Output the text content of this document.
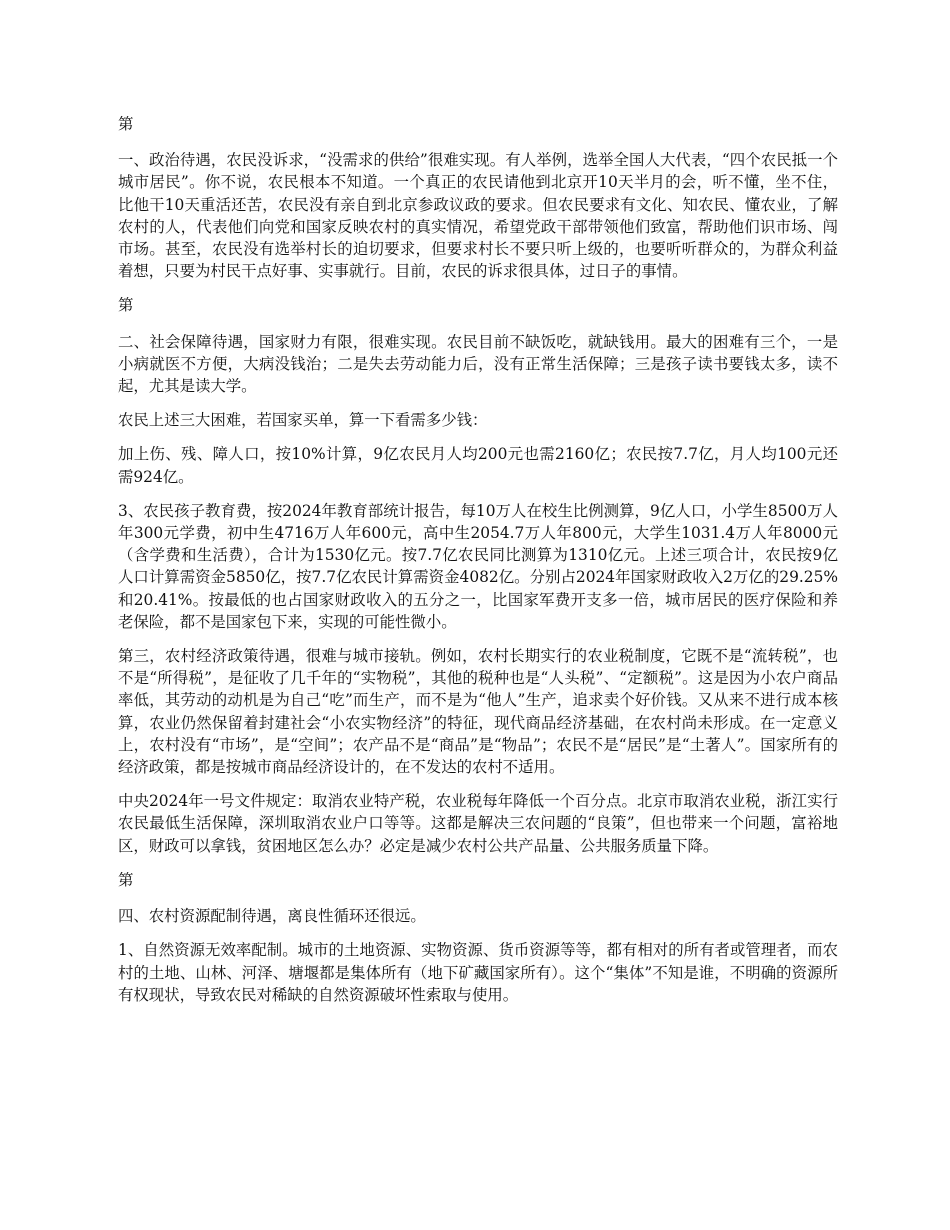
第

一、政治待遇，农民没诉求，“没需求的供给”很难实现。有人举例，选举全国人大代表，“四个农民抵一个城市居民”。你不说，农民根本不知道。一个真正的农民请他到北京开10天半月的会，听不懂，坐不住，比他干10天重活还苦，农民没有亲自到北京参政议政的要求。但农民要求有文化、知农民、懂农业，了解农村的人，代表他们向党和国家反映农村的真实情况，希望党政干部带领他们致富，帮助他们识市场、闯市场。甚至，农民没有选举村长的迫切要求，但要求村长不要只听上级的，也要听听群众的，为群众利益着想，只要为村民干点好事、实事就行。目前，农民的诉求很具体，过日子的事情。

第

二、社会保障待遇，国家财力有限，很难实现。农民目前不缺饭吃，就缺钱用。最大的困难有三个，一是小病就医不方便，大病没钱治；二是失去劳动能力后，没有正常生活保障；三是孩子读书要钱太多，读不起，尤其是读大学。

农民上述三大困难，若国家买单，算一下看需多少钱：

加上伤、残、障人口，按10%计算，9亿农民月人均200元也需2160亿；农民按7.7亿，月人均100元还需924亿。

3、农民孩子教育费，按2024年教育部统计报告，每10万人在校生比例测算，9亿人口，小学生8500万人年300元学费，初中生4716万人年600元，高中生2054.7万人年800元，大学生1031.4万人年8000元（含学费和生活费），合计为1530亿元。按7.7亿农民同比测算为1310亿元。上述三项合计，农民按9亿人口计算需资金5850亿，按7.7亿农民计算需资金4082亿。分别占2024年国家财政收入2万亿的29.25%和20.41%。按最低的也占国家财政收入的五分之一，比国家军费开支多一倍，城市居民的医疗保险和养老保险，都不是国家包下来，实现的可能性微小。

第三，农村经济政策待遇，很难与城市接轨。例如，农村长期实行的农业税制度，它既不是“流转税”，也不是“所得税”，是征收了几千年的“实物税”，其他的税种也是“人头税”、“定额税”。这是因为小农户商品率低，其劳动的动机是为自己“吃”而生产，而不是为“他人”生产，追求卖个好价钱。又从来不进行成本核算，农业仍然保留着封建社会“小农实物经济”的特征，现代商品经济基础，在农村尚未形成。在一定意义上，农村没有“市场”，是“空间”；农产品不是“商品”是“物品”；农民不是“居民”是“土著人”。国家所有的经济政策，都是按城市商品经济设计的，在不发达的农村不适用。

中央2024年一号文件规定：取消农业特产税，农业税每年降低一个百分点。北京市取消农业税，浙江实行农民最低生活保障，深圳取消农业户口等等。这都是解决三农问题的“良策”，但也带来一个问题，富裕地区，财政可以拿钱，贫困地区怎么办？必定是减少农村公共产品量、公共服务质量下降。

第

四、农村资源配制待遇，离良性循环还很远。

1、自然资源无效率配制。城市的土地资源、实物资源、货币资源等等，都有相对的所有者或管理者，而农村的土地、山林、河泽、塘堰都是集体所有（地下矿藏国家所有）。这个“集体”不知是谁，不明确的资源所有权现状，导致农民对稀缺的自然资源破坏性索取与使用。
